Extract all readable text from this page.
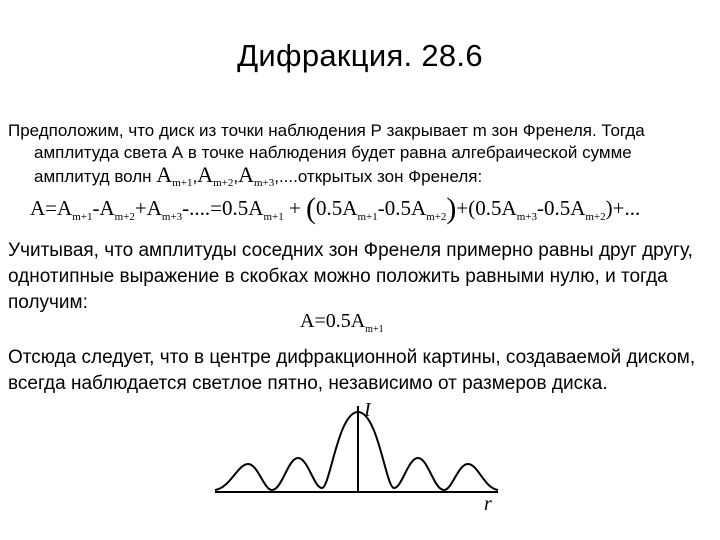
Дифракция. 28.6
Предположим, что диск из точки наблюдения Р закрывает m зон Френеля. Тогда
амплитуда света А в точке наблюдения будет равна алгебраической сумме
амплитуд волн $A_{m+1},A_{m+2},A_{m+3},....открытых$ зон Френеля:
$A=A_{m+1}-A_{m+2}+A_{m+3}-....=0.5A_{m+1} + (0.5A_{m+1}-0.5A_{m+2})+(0.5A_{m+3}-0.5A_{m+2})+$...
Учитывая, что амплитуды соседних зон Френеля примерно равны друг другу, однотипные выражение в скобках можно положить равными нулю, и тогда получим:
$A=0.5A_{m+1}$
Отсюда следует, что в центре дифракционной картины, создаваемой диском, всегда наблюдается светлое пятно, независимо от размеров диска.
I
r
